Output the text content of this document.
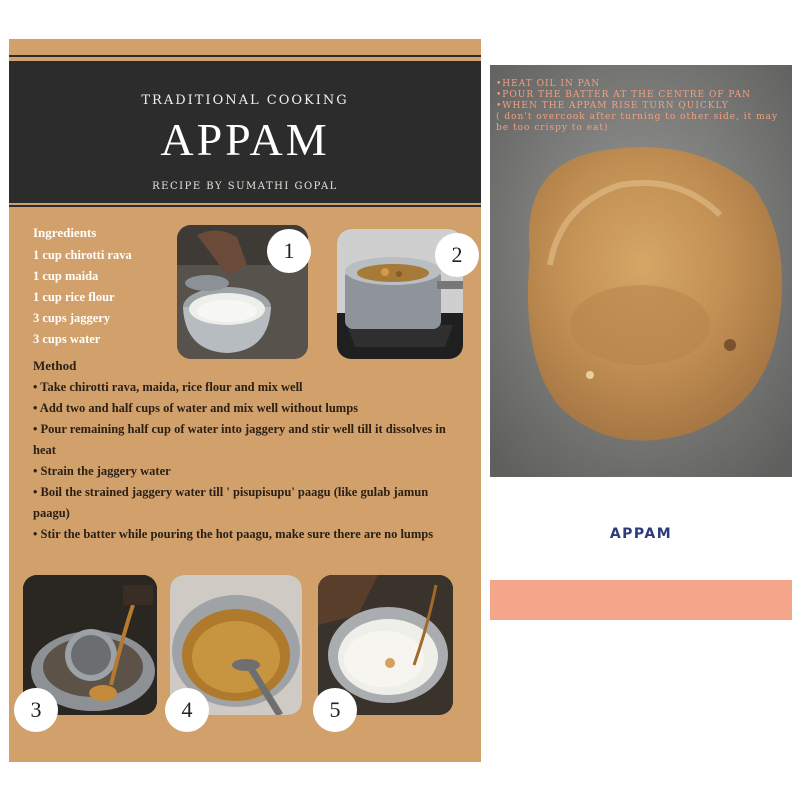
TRADITIONAL COOKING
APPAM
RECIPE BY SUMATHI GOPAL
Ingredients
1 cup chirotti rava
1 cup maida
1 cup rice flour
3 cups jaggery
3 cups water
1	2
Method
• Take chirotti rava, maida, rice flour and mix well
• Add two and half cups of water and mix well without lumps
• Pour remaining half cup of water into jaggery and stir well till it dissolves in heat
• Strain the jaggery water
• Boil the strained jaggery water till ' pisupisupu' paagu (like gulab jamun paagu)
• Stir the batter while pouring the hot paagu, make sure there are no lumps
3	4	5
•HEAT OIL IN PAN
•POUR THE BATTER AT THE CENTRE OF PAN
•WHEN THE APPAM RISE TURN QUICKLY
( don't overcook after turning to other side, it may be too crispy to eat)
APPAM
